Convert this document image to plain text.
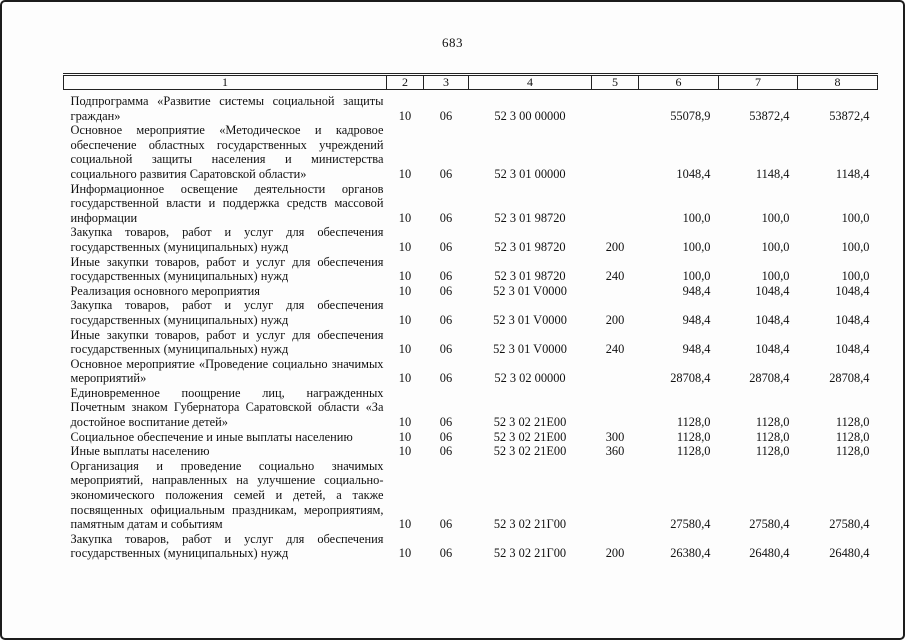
683
1	2	3	4	5	6	7	8
Подпрограмма «Развитие системы социальной защиты граждан»	10	06	52 3 00 00000		55078,9	53872,4	53872,4
Основное мероприятие «Методическое и кадровое обеспечение областных государственных учреждений социальной защиты населения и министерства социального развития Саратовской области»	10	06	52 3 01 00000		1048,4	1148,4	1148,4
Информационное освещение деятельности органов государственной власти и поддержка средств массовой информации	10	06	52 3 01 98720		100,0	100,0	100,0
Закупка товаров, работ и услуг для обеспечения государственных (муниципальных) нужд	10	06	52 3 01 98720	200	100,0	100,0	100,0
Иные закупки товаров, работ и услуг для обеспечения государственных (муниципальных) нужд	10	06	52 3 01 98720	240	100,0	100,0	100,0
Реализация основного мероприятия	10	06	52 3 01 V0000		948,4	1048,4	1048,4
Закупка товаров, работ и услуг для обеспечения государственных (муниципальных) нужд	10	06	52 3 01 V0000	200	948,4	1048,4	1048,4
Иные закупки товаров, работ и услуг для обеспечения государственных (муниципальных) нужд	10	06	52 3 01 V0000	240	948,4	1048,4	1048,4
Основное мероприятие «Проведение социально значимых мероприятий»	10	06	52 3 02 00000		28708,4	28708,4	28708,4
Единовременное поощрение лиц, награжденных Почетным знаком Губернатора Саратовской области «За достойное воспитание детей»	10	06	52 3 02 21Е00		1128,0	1128,0	1128,0
Социальное обеспечение и иные выплаты населению	10	06	52 3 02 21Е00	300	1128,0	1128,0	1128,0
Иные выплаты населению	10	06	52 3 02 21Е00	360	1128,0	1128,0	1128,0
Организация и проведение социально значимых мероприятий, направленных на улучшение социально-экономического положения семей и детей, а также посвященных официальным праздникам, мероприятиям, памятным датам и событиям	10	06	52 3 02 21Г00		27580,4	27580,4	27580,4
Закупка товаров, работ и услуг для обеспечения государственных (муниципальных) нужд	10	06	52 3 02 21Г00	200	26380,4	26480,4	26480,4
